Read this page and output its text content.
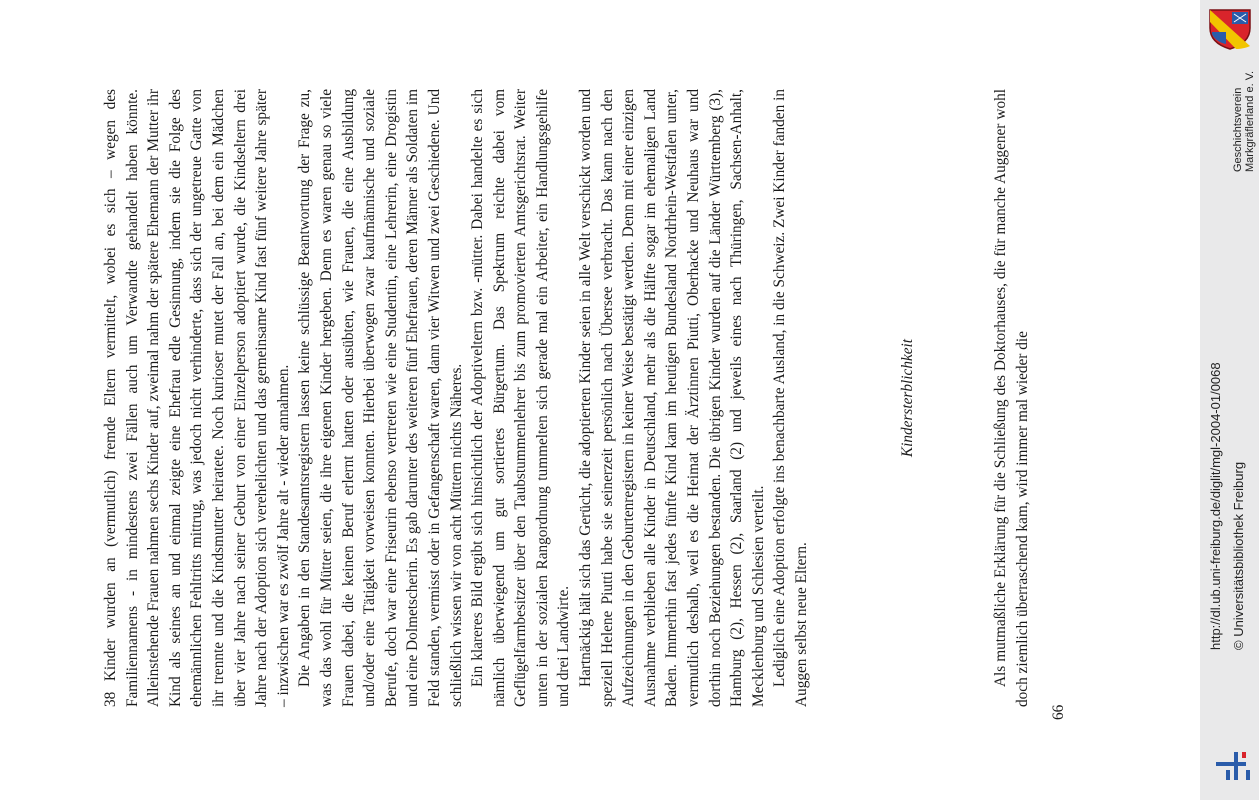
38 Kinder wurden an (vermutlich) fremde Eltern vermittelt, wobei es sich – wegen des Familiennamens - in mindestens zwei Fällen auch um Verwandte gehandelt haben könnte. Alleinstehende Frauen nahmen sechs Kinder auf, zweimal nahm der spätere Ehemann der Mutter ihr Kind als seines an und einmal zeigte eine Ehefrau edle Gesinnung, indem sie die Folge des ehemännlichen Fehltritts mittrug, was jedoch nicht verhinderte, dass sich der ungetreue Gatte von ihr trennte und die Kindsmutter heiratete. Noch kurioser mutet der Fall an, bei dem ein Mädchen über vier Jahre nach seiner Geburt von einer Einzelperson adoptiert wurde, die Kindseltern drei Jahre nach der Adoption sich verehelichten und das gemeinsame Kind fast fünf weitere Jahre später – inzwischen war es zwölf Jahre alt - wieder annahmen. Die Angaben in den Standesamtsregistern lassen keine schlüssige Beantwortung der Frage zu, was das wohl für Mütter seien, die ihre eigenen Kinder hergeben. Denn es waren genau so viele Frauen dabei, die keinen Beruf erlernt hatten oder ausübten, wie Frauen, die eine Ausbildung und/oder eine Tätigkeit vorweisen konnten. Hierbei überwogen zwar kaufmännische und soziale Berufe, doch war eine Friseurin ebenso vertreten wie eine Studentin, eine Lehrerin, eine Drogistin und eine Dolmetscherin. Es gab darunter des weiteren fünf Ehefrauen, deren Männer als Soldaten im Feld standen, vermisst oder in Gefangenschaft waren, dann vier Witwen und zwei Geschiedene. Und schließlich wissen wir von acht Müttern nichts Näheres. Ein klareres Bild ergibt sich hinsichtlich der Adoptiveltern bzw. -mütter. Dabei handelte es sich nämlich überwiegend um gut sortiertes Bürgertum. Das Spektrum reichte dabei vom Geflügelfarmbesitzer über den Taubstummenlehrer bis zum promovierten Amtsgerichtsrat. Weiter unten in der sozialen Rangordnung tummelten sich gerade mal ein Arbeiter, ein Handlungsgehilfe und drei Landwirte. Hartnäckig hält sich das Gerücht, die adoptierten Kinder seien in alle Welt verschickt worden und speziell Helene Piutti habe sie seinerzeit persönlich nach Übersee verbracht. Das kann nach den Aufzeichnungen in den Geburtenregistern in keiner Weise bestätigt werden. Denn mit einer einzigen Ausnahme verblieben alle Kinder in Deutschland, mehr als die Hälfte sogar im ehemaligen Land Baden. Immerhin fast jedes fünfte Kind kam im heutigen Bundesland Nordrhein-Westfalen unter, vermutlich deshalb, weil es die Heimat der Ärztinnen Piutti, Oberhacke und Neuhaus war und dorthin noch Beziehungen bestanden. Die übrigen Kinder wurden auf die Länder Württemberg (3), Hamburg (2), Hessen (2), Saarland (2) und jeweils eines nach Thüringen, Sachsen-Anhalt, Mecklenburg und Schlesien verteilt. Lediglich eine Adoption erfolgte ins benachbarte Ausland, in die Schweiz. Zwei Kinder fanden in Auggen selbst neue Eltern.

Kindersterblichkeit	Als mutmaßliche Erklärung für die Schließung des Doktorhauses, die für manche Auggener wohl doch ziemlich überraschend kam, wird immer mal wieder die

66
http://dl.ub.uni-freiburg.de/diglit/mgl-2004-01/0068 © Universitätsbibliothek Freiburg
Geschichtsverein Markgräflerland e. V.
